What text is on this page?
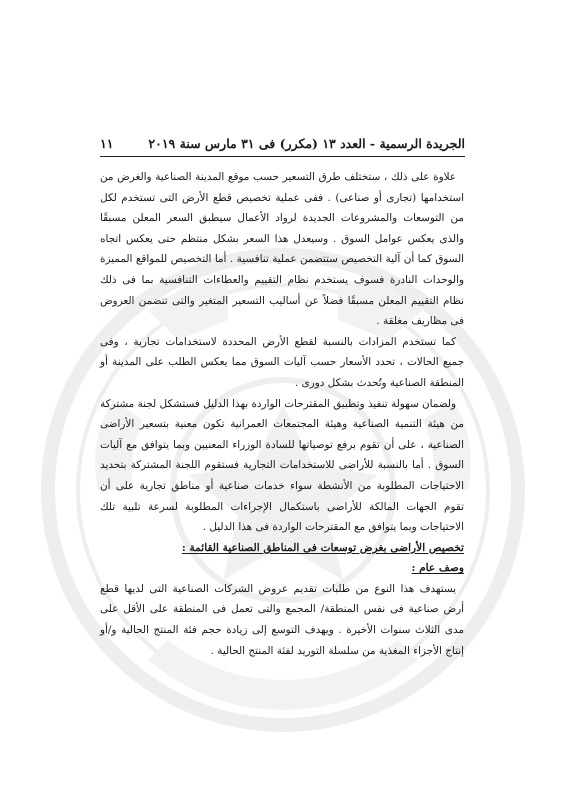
الجريدة الرسمية - العدد ١٣ (مكرر) فى ٣١ مارس سنة ٢٠١٩
١١

علاوة على ذلك ، ستختلف طرق التسعير حسب موقع المدينة الصناعية والغرض من استخدامها (تجارى أو صناعى) . ففى عملية تخصيص قطع الأرض التى تستخدم لكل من التوسعات والمشروعات الجديدة لرواد الأعمال سيطبق السعر المعلن مسبقًا والذى يعكس عوامل السوق . وسيعدل هذا السعر بشكل منتظم حتى يعكس اتجاه السوق كما أن آلية التخصيص ستتضمن عملية تنافسية . أما التخصيص للمواقع المميزة والوحدات النادرة فسوف يستخدم نظام التقييم والعطاءات التنافسية بما فى ذلك نظام التقييم المعلن مسبقًا فضلاً عن أساليب التسعير المتغير والتى تتضمن العروض فى مظاريف مغلقة .

كما تستخدم المزادات بالنسبة لقطع الأرض المحددة لاستخدامات تجارية ، وفى جميع الحالات ، تحدد الأسعار حسب آليات السوق مما يعكس الطلب على المدينة أو المنطقة الصناعية وتُحدث بشكل دورى .

ولضمان سهولة تنفيذ وتطبيق المقترحات الواردة بهذا الدليل فستشكل لجنة مشتركة من هيئة التنمية الصناعية وهيئة المجتمعات العمرانية تكون معنية بتسعير الأراضى الصناعية ، على أن تقوم برفع توصياتها للسادة الوزراء المعنيين وبما يتوافق مع آليات السوق . أما بالنسبة للأراضى للاستخدامات التجارية فستقوم اللجنة المشتركة بتحديد الاحتياجات المطلوبة من الأنشطة سواء خدمات صناعية أو مناطق تجارية على أن تقوم الجهات المالكة للأراضى باستكمال الإجراءات المطلوبة لسرعة تلبية تلك الاحتياجات وبما يتوافق مع المقترحات الواردة فى هذا الدليل .

تخصيص الأراضى بغرض توسعات فى المناطق الصناعية القائمة :

وصف عام :

يستهدف هذا النوع من طلبات تقديم عروض الشركات الصناعية التى لديها قطع أرض صناعية فى نفس المنطقة/ المجمع والتى تعمل فى المنطقة على الأقل على مدى الثلاث سنوات الأخيرة . ويهدف التوسع إلى زيادة حجم فئة المنتج الحالية و/أو إنتاج الأجزاء المغذية من سلسلة التوريد لفئة المنتج الحالية .
